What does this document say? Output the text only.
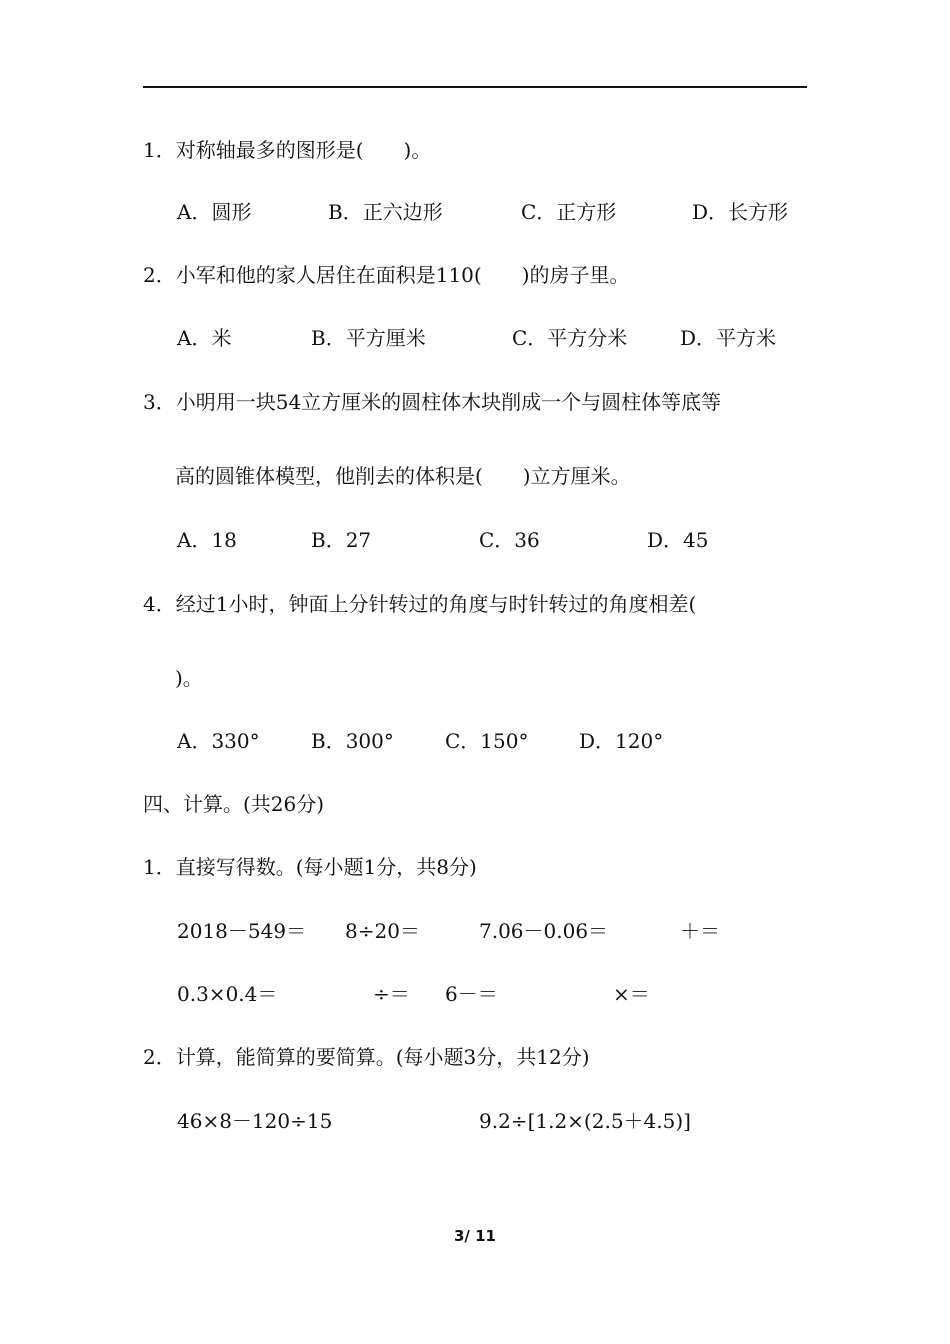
1．对称轴最多的图形是(　　)。
A．圆形	B．正六边形	C．正方形	D．长方形
2．小军和他的家人居住在面积是110(　　)的房子里。
A．米	B．平方厘米	C．平方分米	D．平方米
3．小明用一块54立方厘米的圆柱体木块削成一个与圆柱体等底等
高的圆锥体模型，他削去的体积是(　　)立方厘米。
A．18	B．27	C．36	D．45
4．经过1小时，钟面上分针转过的角度与时针转过的角度相差(
)。
A．330°	B．300°	C．150°	D．120°
四、计算。(共26分)
1．直接写得数。(每小题1分，共8分)
2018－549＝ 8÷20＝	7.06－0.06＝	＋＝
0.3×0.4＝	÷＝ 6－＝	×＝
2．计算，能简算的要简算。(每小题3分，共12分)
46×8－120÷15	9.2÷[1.2×(2.5＋4.5)]
3/ 11
